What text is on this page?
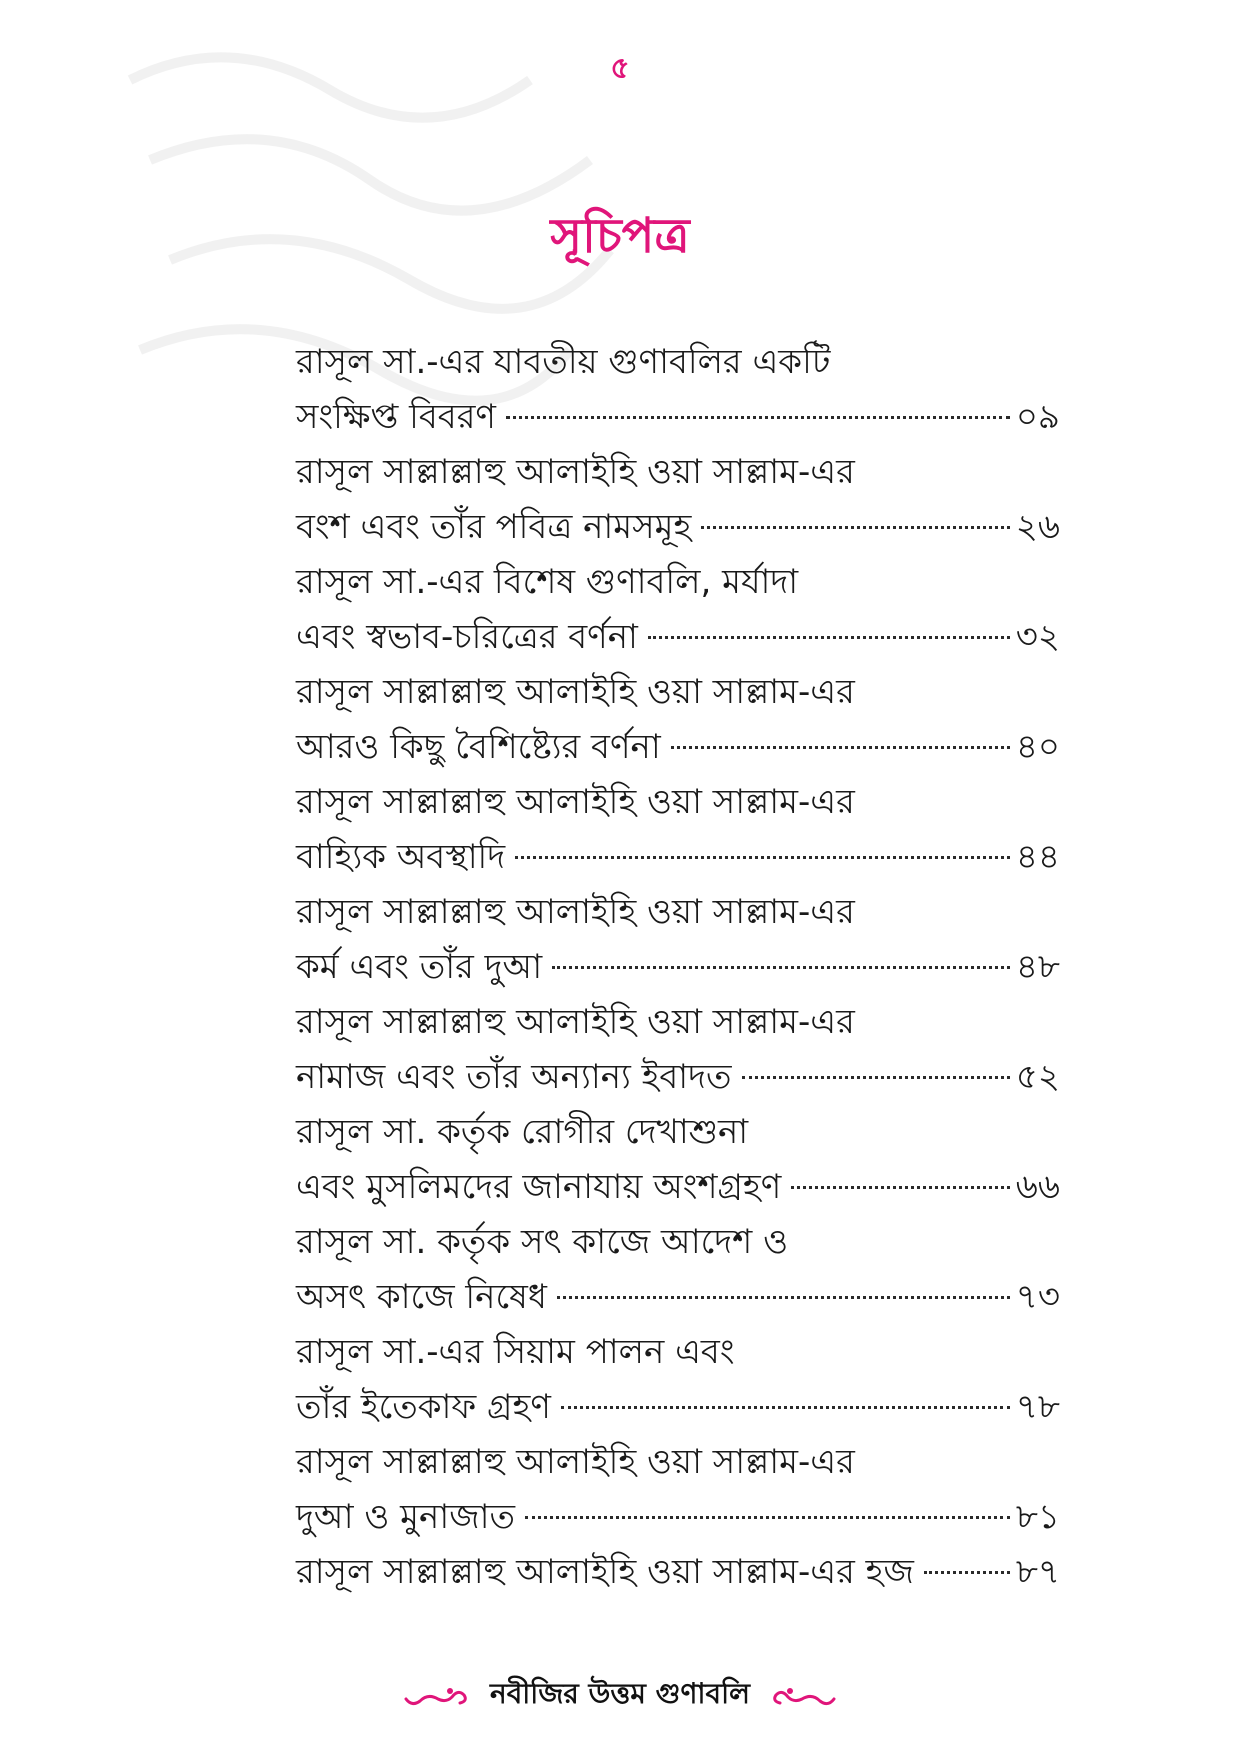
৫
সূচিপত্র
রাসূল সা.-এর যাবতীয় গুণাবলির একটি
সংক্ষিপ্ত বিবরণ	০৯
রাসূল সাল্লাল্লাহু আলাইহি ওয়া সাল্লাম-এর
বংশ এবং তাঁর পবিত্র নামসমূহ	২৬
রাসূল সা.-এর বিশেষ গুণাবলি, মর্যাদা
এবং স্বভাব-চরিত্রের বর্ণনা	৩২
রাসূল সাল্লাল্লাহু আলাইহি ওয়া সাল্লাম-এর
আরও কিছু বৈশিষ্ট্যের বর্ণনা	৪০
রাসূল সাল্লাল্লাহু আলাইহি ওয়া সাল্লাম-এর
বাহ্যিক অবস্থাদি	৪৪
রাসূল সাল্লাল্লাহু আলাইহি ওয়া সাল্লাম-এর
কর্ম এবং তাঁর দুআ	৪৮
রাসূল সাল্লাল্লাহু আলাইহি ওয়া সাল্লাম-এর
নামাজ এবং তাঁর অন্যান্য ইবাদত	৫২
রাসূল সা. কর্তৃক রোগীর দেখাশুনা
এবং মুসলিমদের জানাযায় অংশগ্রহণ	৬৬
রাসূল সা. কর্তৃক সৎ কাজে আদেশ ও
অসৎ কাজে নিষেধ	৭৩
রাসূল সা.-এর সিয়াম পালন এবং
তাঁর ইতেকাফ গ্রহণ	৭৮
রাসূল সাল্লাল্লাহু আলাইহি ওয়া সাল্লাম-এর
দুআ ও মুনাজাত	৮১
রাসূল সাল্লাল্লাহু আলাইহি ওয়া সাল্লাম-এর হজ	৮৭
নবীজির উত্তম গুণাবলি
